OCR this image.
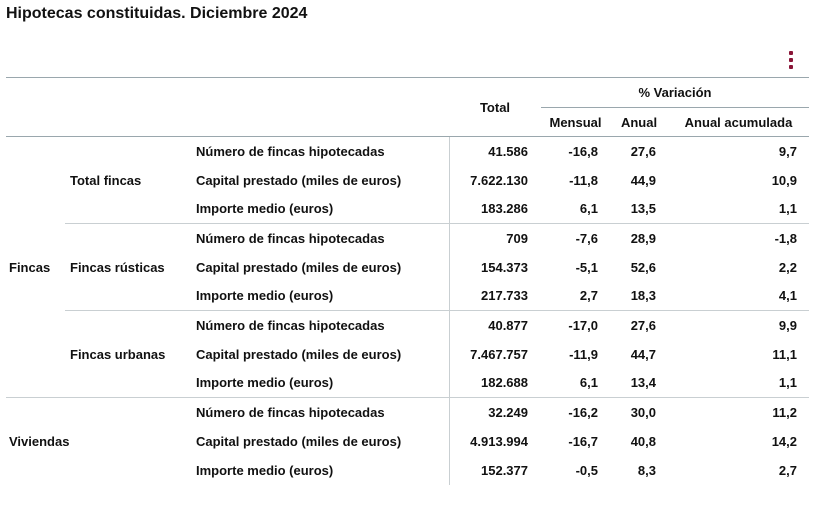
Hipotecas constituidas. Diciembre 2024
			Total	% Variación		
				Mensual	Anual	Anual acumulada
Fincas	Total fincas	Número de fincas hipotecadas	41.586	-16,8	27,6	9,7
		Capital prestado (miles de euros)	7.622.130	-11,8	44,9	10,9
		Importe medio (euros)	183.286	6,1	13,5	1,1
	Fincas rústicas	Número de fincas hipotecadas	709	-7,6	28,9	-1,8
		Capital prestado (miles de euros)	154.373	-5,1	52,6	2,2
		Importe medio (euros)	217.733	2,7	18,3	4,1
	Fincas urbanas	Número de fincas hipotecadas	40.877	-17,0	27,6	9,9
		Capital prestado (miles de euros)	7.467.757	-11,9	44,7	11,1
		Importe medio (euros)	182.688	6,1	13,4	1,1
Viviendas		Número de fincas hipotecadas	32.249	-16,2	30,0	11,2
		Capital prestado (miles de euros)	4.913.994	-16,7	40,8	14,2
		Importe medio (euros)	152.377	-0,5	8,3	2,7
